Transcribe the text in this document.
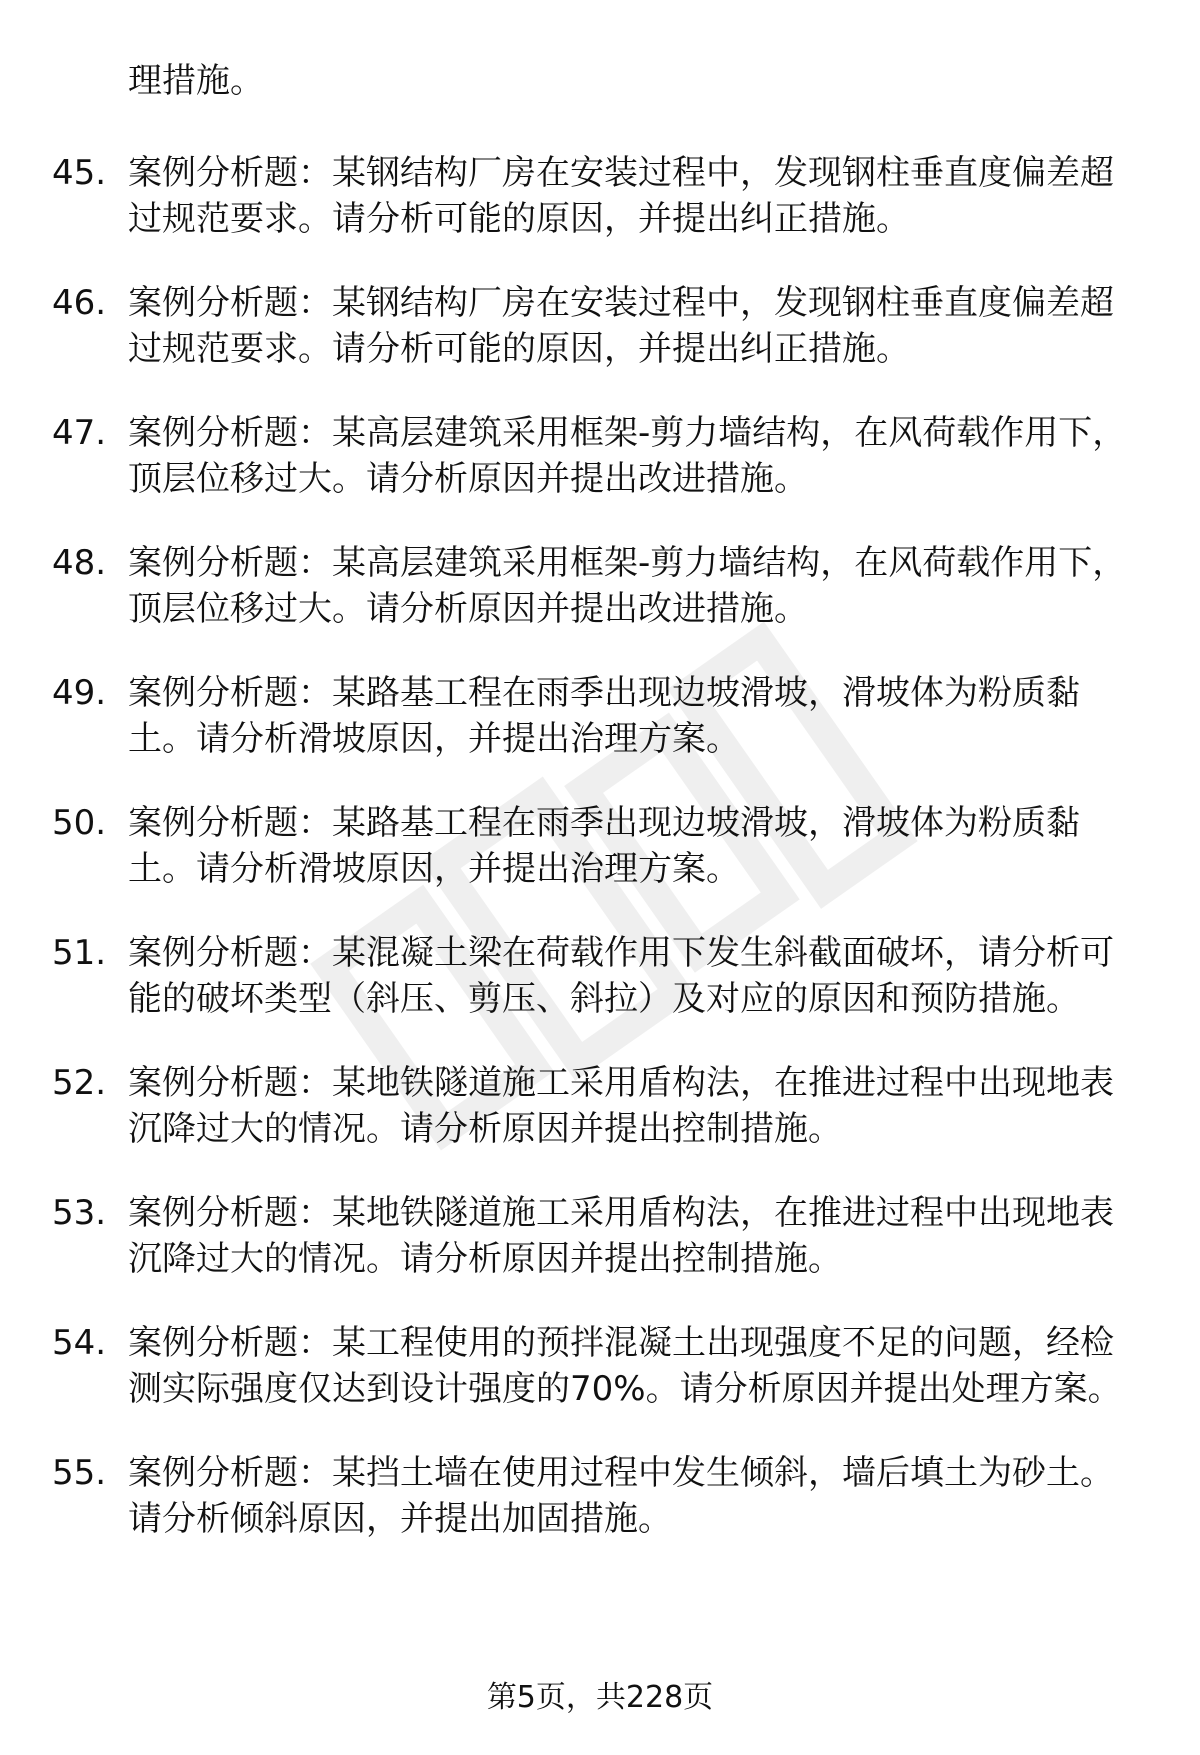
理措施。

45. 案例分析题：某钢结构厂房在安装过程中，发现钢柱垂直度偏差超过规范要求。请分析可能的原因，并提出纠正措施。
46. 案例分析题：某钢结构厂房在安装过程中，发现钢柱垂直度偏差超过规范要求。请分析可能的原因，并提出纠正措施。
47. 案例分析题：某高层建筑采用框架-剪力墙结构，在风荷载作用下，顶层位移过大。请分析原因并提出改进措施。
48. 案例分析题：某高层建筑采用框架-剪力墙结构，在风荷载作用下，顶层位移过大。请分析原因并提出改进措施。
49. 案例分析题：某路基工程在雨季出现边坡滑坡，滑坡体为粉质黏土。请分析滑坡原因，并提出治理方案。
50. 案例分析题：某路基工程在雨季出现边坡滑坡，滑坡体为粉质黏土。请分析滑坡原因，并提出治理方案。
51. 案例分析题：某混凝土梁在荷载作用下发生斜截面破坏，请分析可能的破坏类型（斜压、剪压、斜拉）及对应的原因和预防措施。
52. 案例分析题：某地铁隧道施工采用盾构法，在推进过程中出现地表沉降过大的情况。请分析原因并提出控制措施。
53. 案例分析题：某地铁隧道施工采用盾构法，在推进过程中出现地表沉降过大的情况。请分析原因并提出控制措施。
54. 案例分析题：某工程使用的预拌混凝土出现强度不足的问题，经检测实际强度仅达到设计强度的70%。请分析原因并提出处理方案。
55. 案例分析题：某挡土墙在使用过程中发生倾斜，墙后填土为砂土。请分析倾斜原因，并提出加固措施。
第5页，共228页
